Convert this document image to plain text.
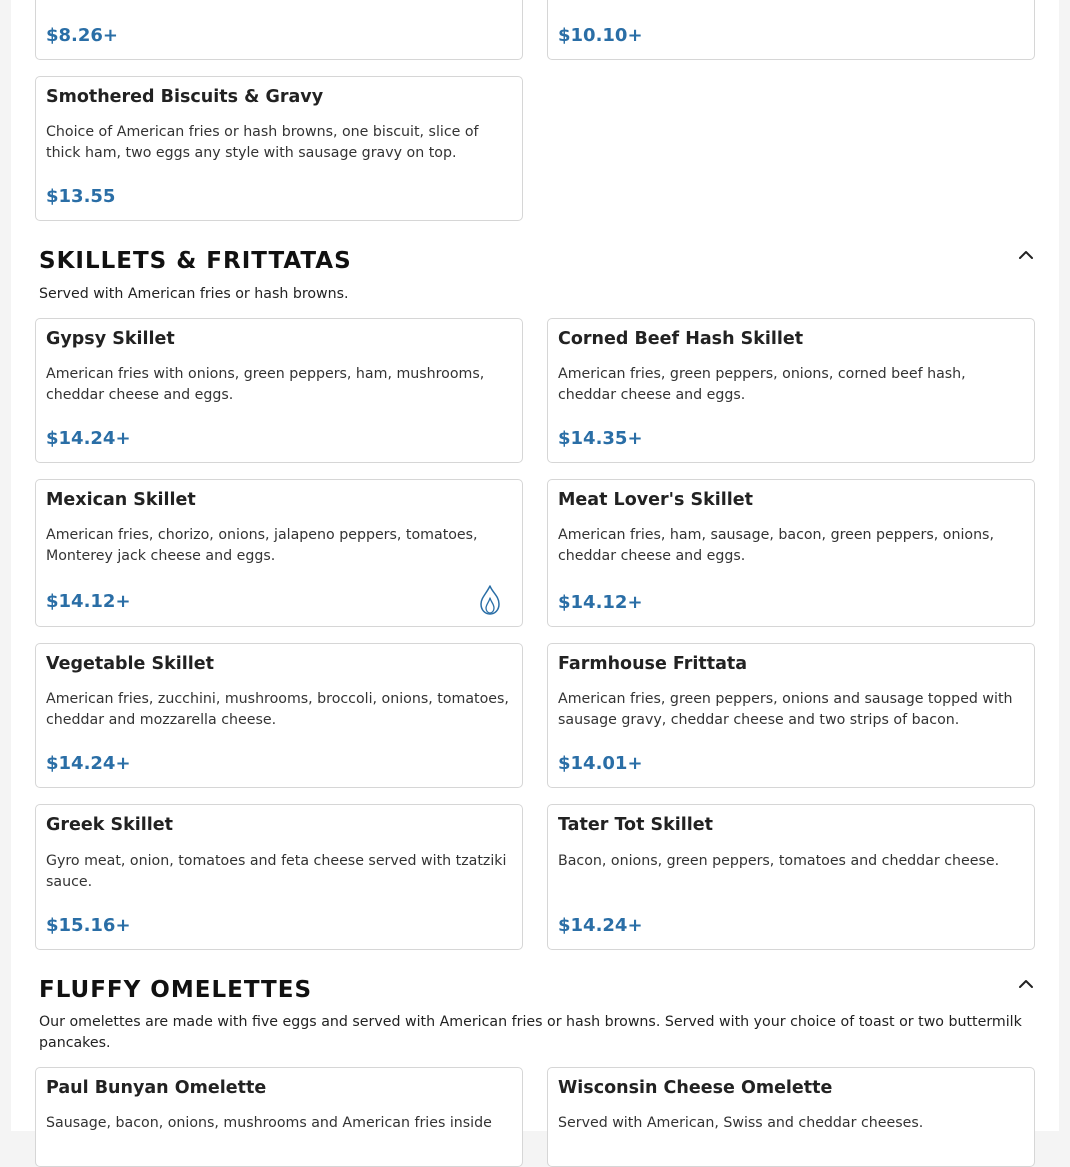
$8.26+	$10.10+
Smothered Biscuits & Gravy
Choice of American fries or hash browns, one biscuit, slice of thick ham, two eggs any style with sausage gravy on top.
$13.55
SKILLETS & FRITTATAS
Served with American fries or hash browns.
Gypsy Skillet
American fries with onions, green peppers, ham, mushrooms, cheddar cheese and eggs.
$14.24+
Corned Beef Hash Skillet
American fries, green peppers, onions, corned beef hash, cheddar cheese and eggs.
$14.35+
Mexican Skillet
American fries, chorizo, onions, jalapeno peppers, tomatoes, Monterey jack cheese and eggs.
$14.12+
Meat Lover's Skillet
American fries, ham, sausage, bacon, green peppers, onions, cheddar cheese and eggs.
$14.12+
Vegetable Skillet
American fries, zucchini, mushrooms, broccoli, onions, tomatoes, cheddar and mozzarella cheese.
$14.24+
Farmhouse Frittata
American fries, green peppers, onions and sausage topped with sausage gravy, cheddar cheese and two strips of bacon.
$14.01+
Greek Skillet
Gyro meat, onion, tomatoes and feta cheese served with tzatziki sauce.
$15.16+
Tater Tot Skillet
Bacon, onions, green peppers, tomatoes and cheddar cheese.
$14.24+
FLUFFY OMELETTES
Our omelettes are made with five eggs and served with American fries or hash browns. Served with your choice of toast or two buttermilk pancakes.
Paul Bunyan Omelette
Sausage, bacon, onions, mushrooms and American fries inside
Wisconsin Cheese Omelette
Served with American, Swiss and cheddar cheeses.
